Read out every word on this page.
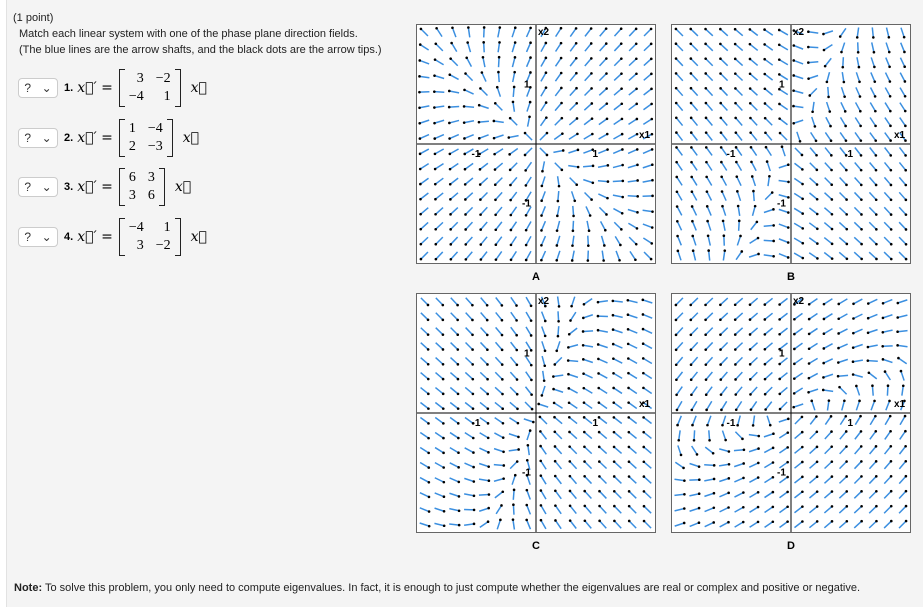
(1 point)
Match each linear system with one of the phase plane direction fields.
(The blue lines are the arrow shafts, and the black dots are the arrow tips.)
? ⌄ 1. x⃗′ =
3 −2
−4	1
x⃗
? ⌄ 2. x⃗′ =
1 −4
2 −3
x⃗
? ⌄ 3. x⃗′ =
6 3
3 6
x⃗
? ⌄ 4. x⃗′ =
−4	1
3 −2
x⃗
1
-1
1
-1
x1
x2
A
1
-1
1
-1
x1
x2
B
1
-1
1
-1
x1
x2
C
1
-1
1
-1
x1
x2
D
Note: To solve this problem, you only need to compute eigenvalues. In fact, it is enough to just compute whether the eigenvalues are real or complex and positive or negative.
